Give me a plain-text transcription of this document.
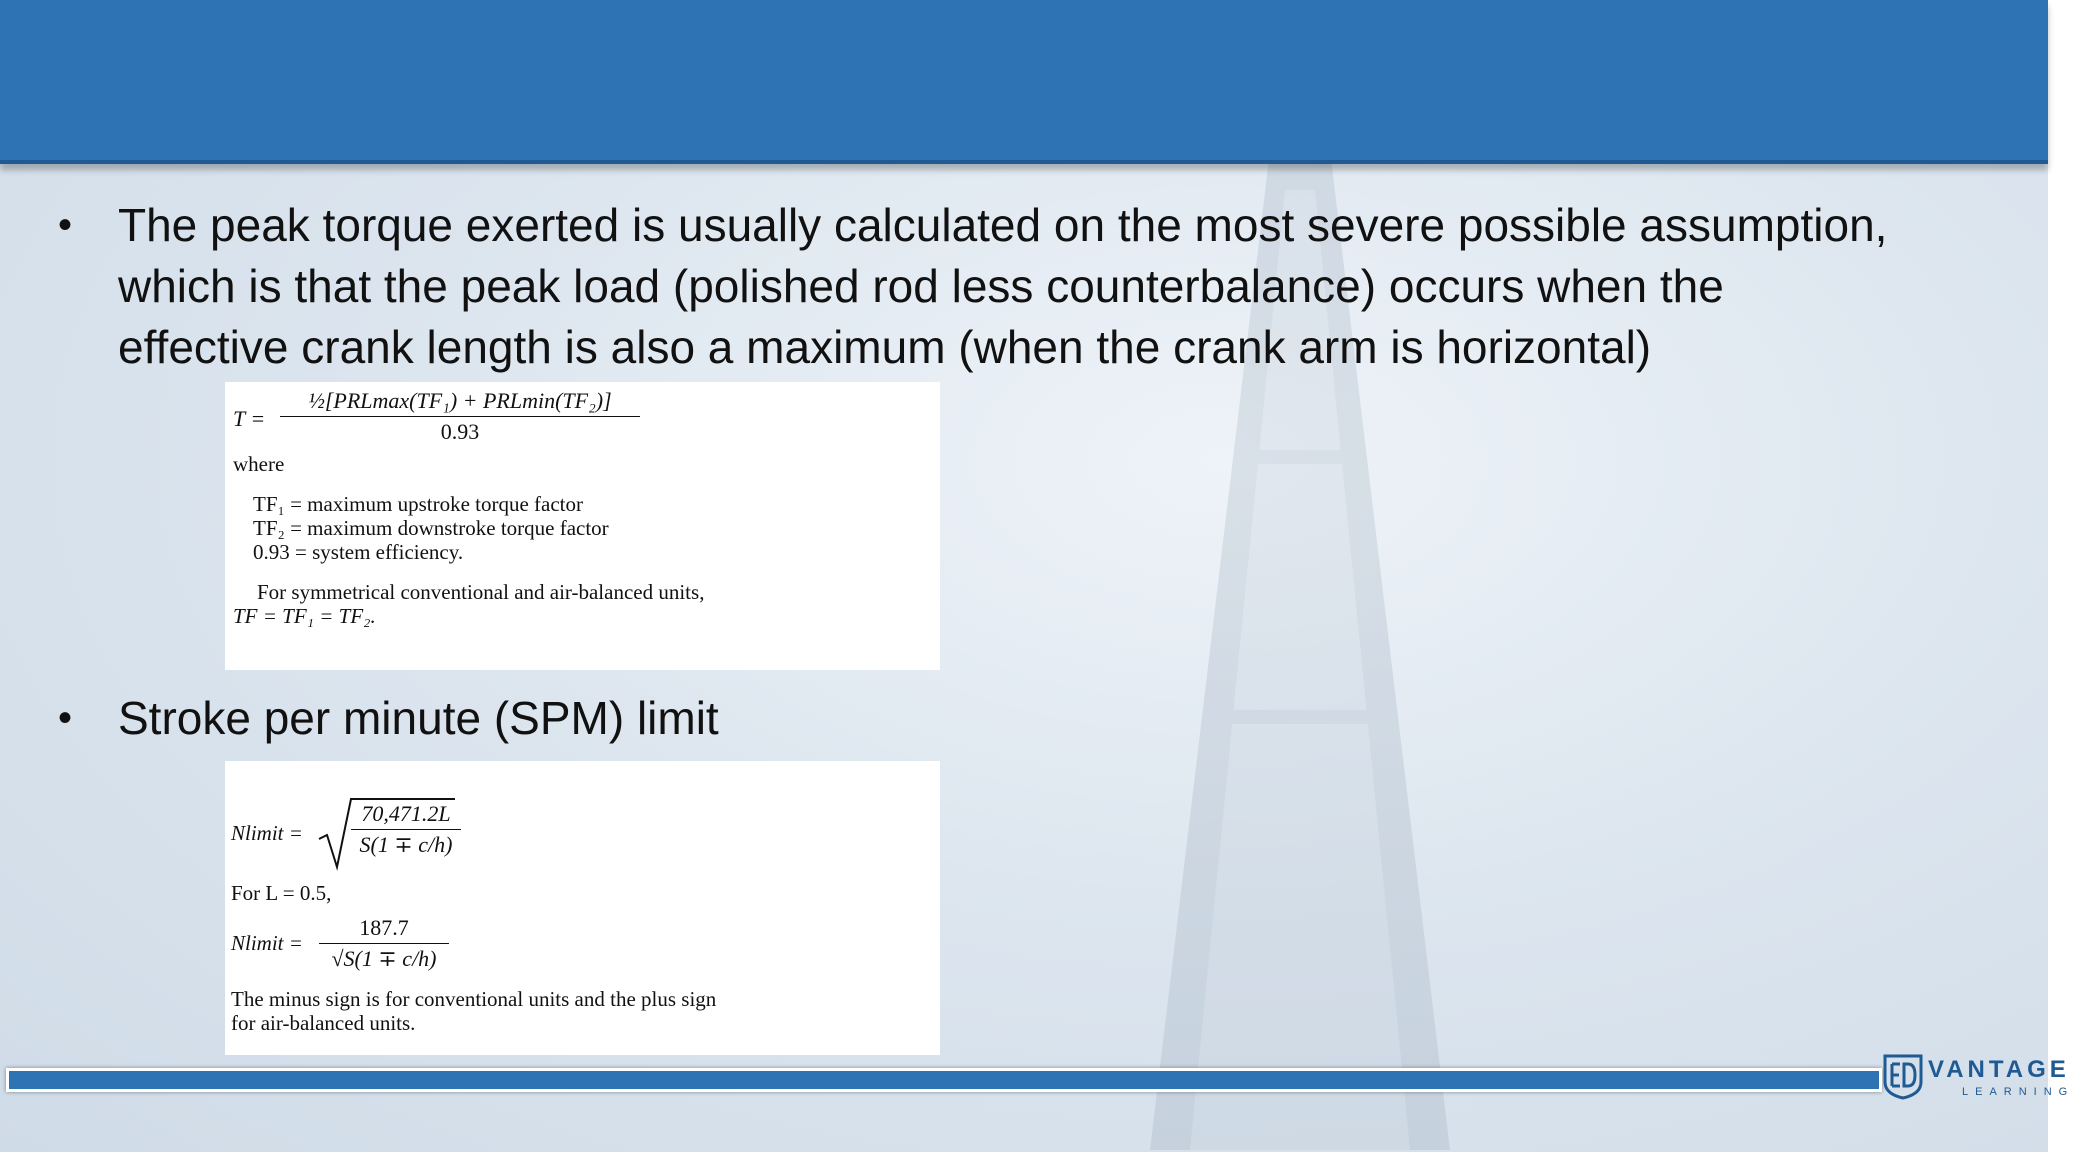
• The peak torque exerted is usually calculated on the most severe possible assumption,
which is that the peak load (polished rod less counterbalance) occurs when the
effective crank length is also a maximum (when the crank arm is horizontal)
T =
½[PRLmax(TF₁) + PRLmin(TF₂)]
0.93
where
TF₁ = maximum upstroke torque factor
TF₂ = maximum downstroke torque factor
0.93 = system efficiency.
For symmetrical conventional and air-balanced units,
TF = TF₁ = TF₂.
• Stroke per minute (SPM) limit
Nlimit = $\frac{70,471.2L}{S(1 \mp c/h)}$
For L = 0.5,
Nlimit = $\frac{187.7}{√S(1 \mp c/h)}$
The minus sign is for conventional units and the plus sign
for air-balanced units.
VANTAGE
LEARNING
